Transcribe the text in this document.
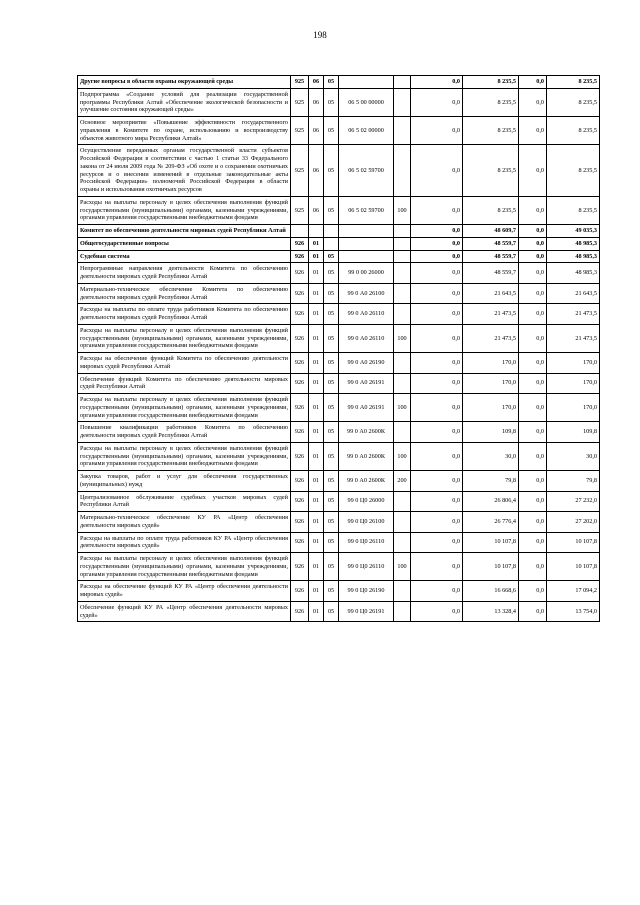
198
Другие вопросы в области охраны окружающей среды	925	06	05			0,0	8 235,5	0,0	8 235,5
Подпрограмма «Создание условий для реализации государственной программы Республики Алтай «Обеспечение экологической безопасности и улучшение состояния окружающей среды»	925	06	05	06 5 00 00000		0,0	8 235,5	0,0	8 235,5
Основное мероприятие «Повышение эффективности государственного управления в Комитете по охране, использованию и воспроизводству объектов животного мира Республики Алтай»	925	06	05	06 5 02 00000		0,0	8 235,5	0,0	8 235,5
Осуществление переданных органам государственной власти субъектов Российской Федерации в соответствии с частью 1 статьи 33 Федерального закона от 24 июля 2009 года № 209-ФЗ «Об охоте и о сохранении охотничьих ресурсов и о внесении изменений в отдельные законодательные акты Российской Федерации» полномочий Российской Федерации в области охраны и использования охотничьих ресурсов	925	06	05	06 5 02 59700		0,0	8 235,5	0,0	8 235,5
Расходы на выплаты персоналу в целях обеспечения выполнения функций государственными (муниципальными) органами, казенными учреждениями, органами управления государственными внебюджетными фондами	925	06	05	06 5 02 59700	100	0,0	8 235,5	0,0	8 235,5
Комитет по обеспечению деятельности мировых судей Республики Алтай						0,0	48 609,7	0,0	49 035,3
Общегосударственные вопросы	926	01				0,0	48 559,7	0,0	48 985,3
Судебная система	926	01	05			0,0	48 559,7	0,0	48 985,3
Непрограммные направления деятельности Комитета по обеспечению деятельности мировых судей Республики Алтай	926	01	05	99 0 00 26000		0,0	48 559,7	0,0	48 985,3
Материально-техническое обеспечение Комитета по обеспечению деятельности мировых судей Республики Алтай	926	01	05	99 0 А0 26100		0,0	21 643,5	0,0	21 643,5
Расходы на выплаты по оплате труда работников Комитета по обеспечению деятельности мировых судей Республики Алтай	926	01	05	99 0 А0 26110		0,0	21 473,5	0,0	21 473,5
Расходы на выплаты персоналу в целях обеспечения выполнения функций государственными (муниципальными) органами, казенными учреждениями, органами управления государственными внебюджетными фондами	926	01	05	99 0 А0 26110	100	0,0	21 473,5	0,0	21 473,5
Расходы на обеспечение функций Комитета по обеспечению деятельности мировых судей Республики Алтай	926	01	05	99 0 А0 26190		0,0	170,0	0,0	170,0
Обеспечение функций Комитета по обеспечению деятельности мировых судей Республики Алтай	926	01	05	99 0 А0 26191		0,0	170,0	0,0	170,0
Расходы на выплаты персоналу в целях обеспечения выполнения функций государственными (муниципальными) органами, казенными учреждениями, органами управления государственными внебюджетными фондами	926	01	05	99 0 А0 26191	100	0,0	170,0	0,0	170,0
Повышение квалификации работников Комитета по обеспечению деятельности мировых судей Республики Алтай	926	01	05	99 0 А0 2600К		0,0	109,8	0,0	109,8
Расходы на выплаты персоналу в целях обеспечения выполнения функций государственными (муниципальными) органами, казенными учреждениями, органами управления государственными внебюджетными фондами	926	01	05	99 0 А0 2600К	100	0,0	30,0	0,0	30,0
Закупка товаров, работ и услуг для обеспечения государственных (муниципальных) нужд	926	01	05	99 0 А0 2600К	200	0,0	79,8	0,0	79,8
Централизованное обслуживание судебных участков мировых судей Республики Алтай	926	01	05	99 0 Ц0 26000		0,0	26 806,4	0,0	27 232,0
Материально-техническое обеспечение КУ РА «Центр обеспечения деятельности мировых судей»	926	01	05	99 0 Ц0 26100		0,0	26 776,4	0,0	27 202,0
Расходы на выплаты по оплате труда работников КУ РА «Центр обеспечения деятельности мировых судей»	926	01	05	99 0 Ц0 26110		0,0	10 107,8	0,0	10 107,8
Расходы на выплаты персоналу в целях обеспечения выполнения функций государственными (муниципальными) органами, казенными учреждениями, органами управления государственными внебюджетными фондами	926	01	05	99 0 Ц0 26110	100	0,0	10 107,8	0,0	10 107,8
Расходы на обеспечение функций КУ РА «Центр обеспечения деятельности мировых судей»	926	01	05	99 0 Ц0 26190		0,0	16 668,6	0,0	17 094,2
Обеспечение функций КУ РА «Центр обеспечения деятельности мировых судей»	926	01	05	99 0 Ц0 26191		0,0	13 328,4	0,0	13 754,0
